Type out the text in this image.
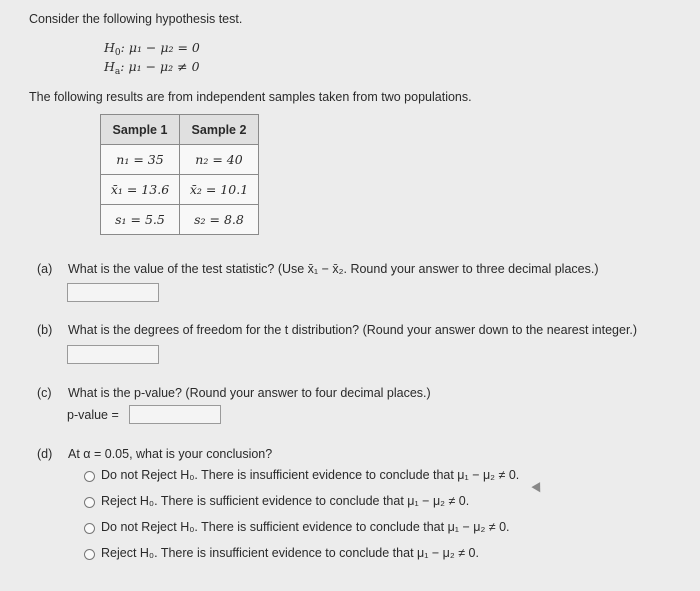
Consider the following hypothesis test.
$H_0$: μ₁ − μ₂ = 0
$H_a$: μ₁ − μ₂ ≠ 0
The following results are from independent samples taken from two populations.
Sample 1	Sample 2
n₁ = 35	n₂ = 40
x̄₁ = 13.6	x̄₂ = 10.1
s₁ = 5.5	s₂ = 8.8
(a) What is the value of the test statistic? (Use x̄₁ − x̄₂. Round your answer to three decimal places.)
(b) What is the degrees of freedom for the t distribution? (Round your answer down to the nearest integer.)
(c) What is the p-value? (Round your answer to four decimal places.)
p-value =
(d) At α = 0.05, what is your conclusion?
Do not Reject H₀. There is insufficient evidence to conclude that μ₁ − μ₂ ≠ 0.
Reject H₀. There is sufficient evidence to conclude that μ₁ − μ₂ ≠ 0.
Do not Reject H₀. There is sufficient evidence to conclude that μ₁ − μ₂ ≠ 0.
Reject H₀. There is insufficient evidence to conclude that μ₁ − μ₂ ≠ 0.
